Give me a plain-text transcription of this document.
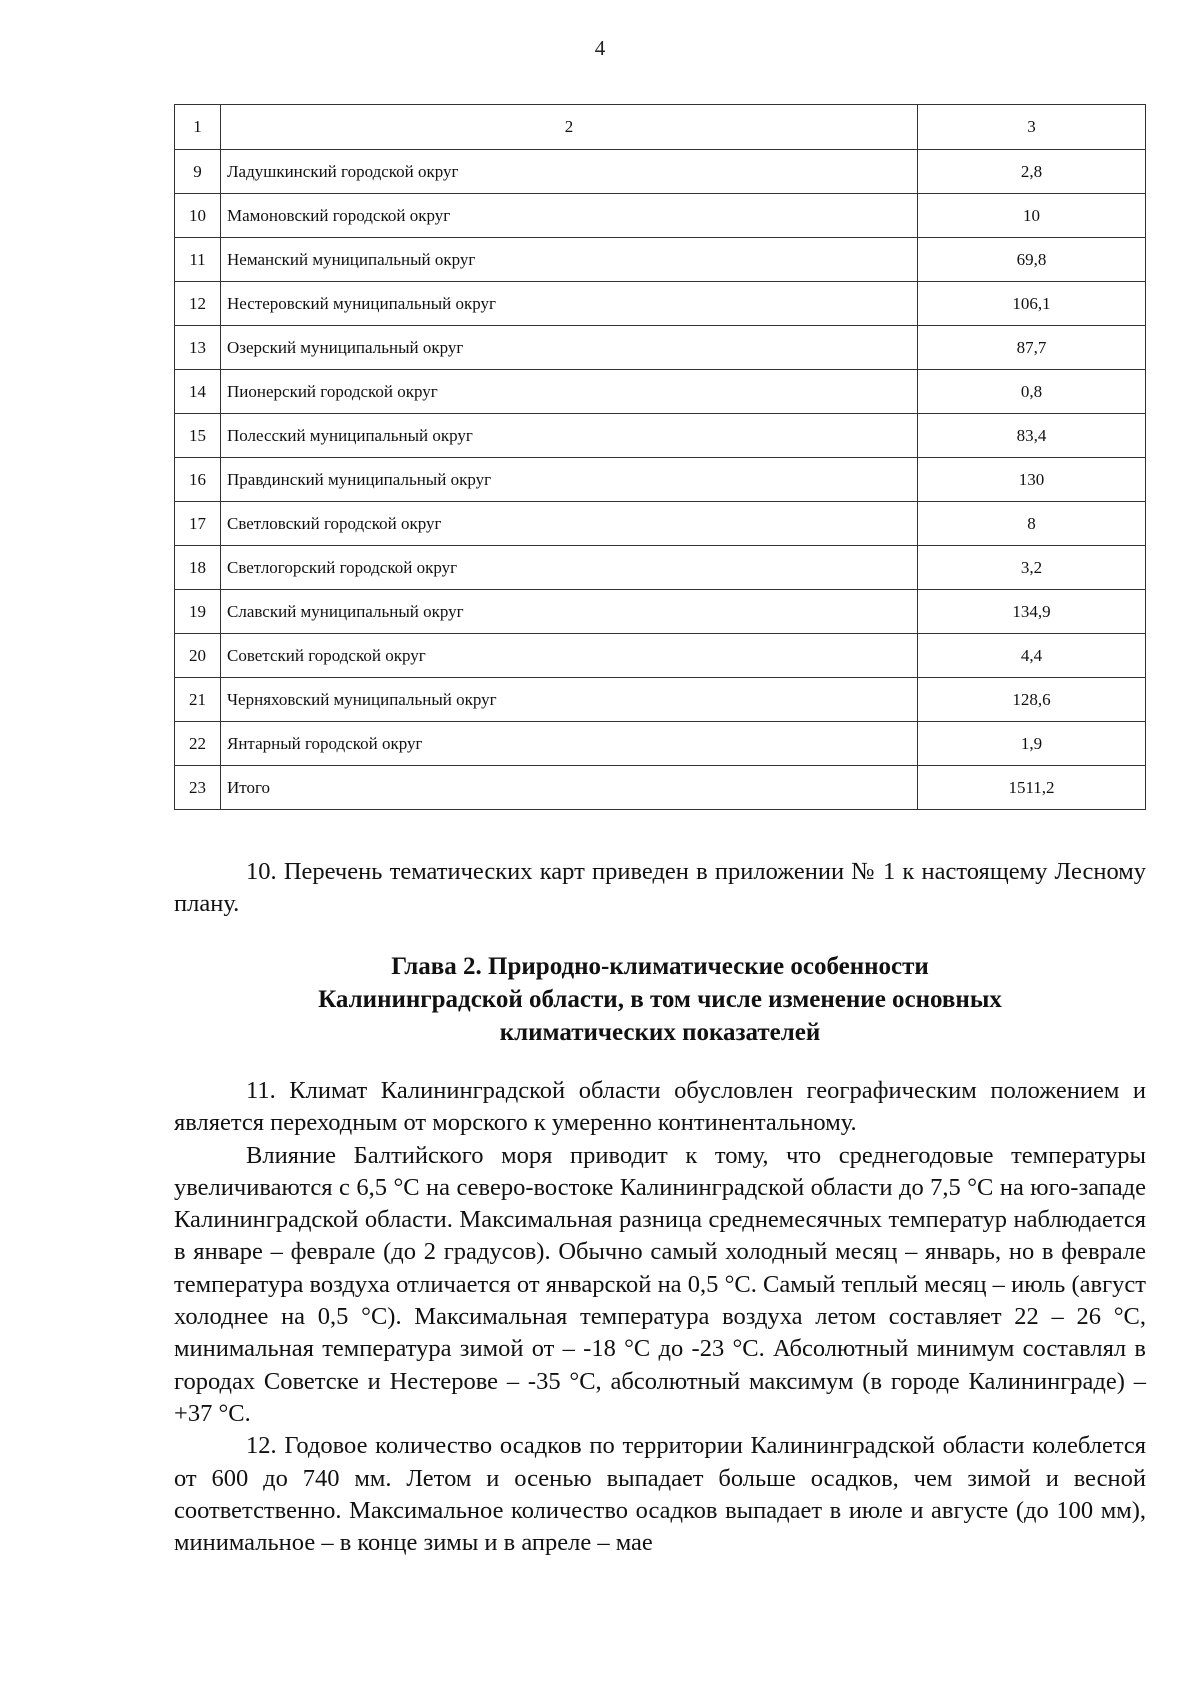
4
1	2	3
9	Ладушкинский городской округ	2,8
10	Мамоновский городской округ	10
11	Неманский муниципальный округ	69,8
12	Нестеровский муниципальный округ	106,1
13	Озерский муниципальный округ	87,7
14	Пионерский городской округ	0,8
15	Полесский муниципальный округ	83,4
16	Правдинский муниципальный округ	130
17	Светловский городской округ	8
18	Светлогорский городской округ	3,2
19	Славский муниципальный округ	134,9
20	Советский городской округ	4,4
21	Черняховский муниципальный округ	128,6
22	Янтарный городской округ	1,9
23	Итого	1511,2

10. Перечень тематических карт приведен в приложении № 1 к настоящему Лесному плану.

Глава 2. Природно-климатические особенности
Калининградской области, в том числе изменение основных
климатических показателей

11. Климат Калининградской области обусловлен географическим положением и является переходным от морского к умеренно континентальному.

Влияние Балтийского моря приводит к тому, что среднегодовые температуры увеличиваются с 6,5 °С на северо-востоке Калининградской области до 7,5 °С на юго-западе Калининградской области. Максимальная разница среднемесячных температур наблюдается в январе – феврале (до 2 градусов). Обычно самый холодный месяц – январь, но в феврале температура воздуха отличается от январской на 0,5 °С. Самый теплый месяц – июль (август холоднее на 0,5 °С). Максимальная температура воздуха летом составляет 22 – 26 °С, минимальная температура зимой от – -18 °С до -23 °С. Абсолютный минимум составлял в городах Советске и Нестерове – -35 °С, абсолютный максимум (в городе Калининграде) – +37 °С.

12. Годовое количество осадков по территории Калининградской области колеблется от 600 до 740 мм. Летом и осенью выпадает больше осадков, чем зимой и весной соответственно. Максимальное количество осадков выпадает в июле и августе (до 100 мм), минимальное – в конце зимы и в апреле – мае
